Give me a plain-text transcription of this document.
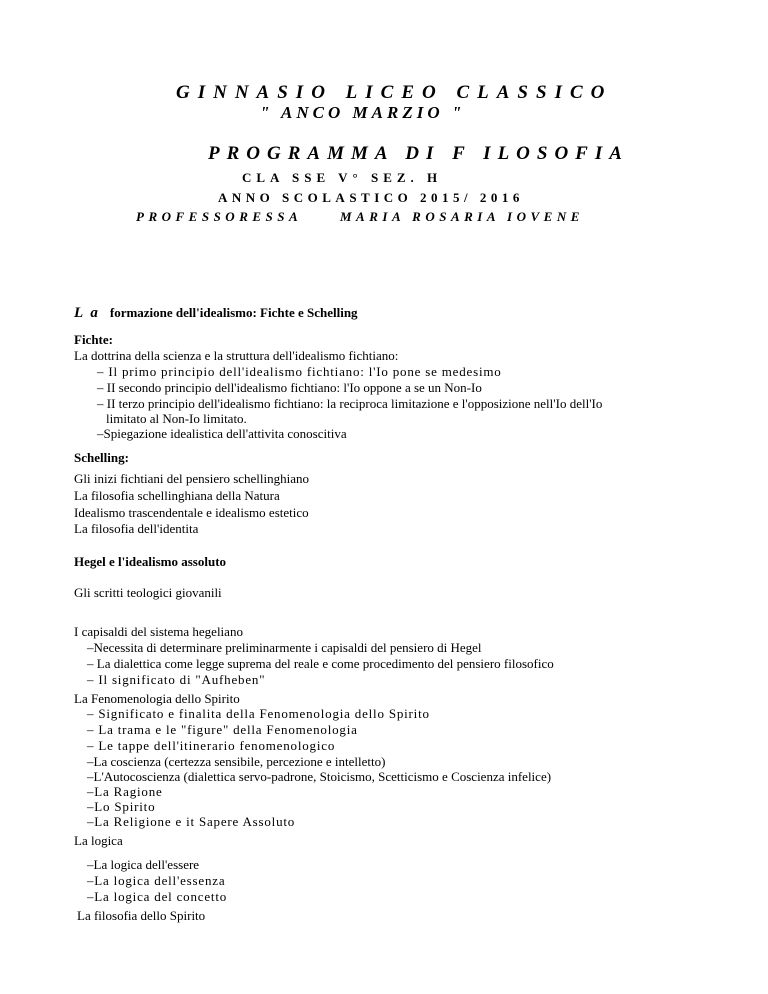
GINNASIO LICEO CLASSICO
" ANCO MARZIO "
PROGRAMMA DI F ILOSOFIA
CLA SSE V° SEZ. H
ANNO SCOLASTICO 2015/ 2016
PROFESSORESSA	MARIA ROSARIA IOVENE
L a formazione dell'idealismo: Fichte e Schelling
Fichte:
La dottrina della scienza e la struttura dell'idealismo fichtiano:
– Il primo principio dell'idealismo fichtiano: l'Io pone se medesimo
– II secondo principio dell'idealismo fichtiano: l'Io oppone a se un Non-Io
– II terzo principio dell'idealismo fichtiano: la reciproca limitazione e l'opposizione nell'Io dell'Io
limitato al Non-Io limitato.
–Spiegazione idealistica dell'attivita conoscitiva
Schelling:
Gli inizi fichtiani del pensiero schellinghiano
La filosofia schellinghiana della Natura
Idealismo trascendentale e idealismo estetico
La filosofia dell'identita
Hegel e l'idealismo assoluto
Gli scritti teologici giovanili
I capisaldi del sistema hegeliano
–Necessita di determinare preliminarmente i capisaldi del pensiero di Hegel
– La dialettica come legge suprema del reale e come procedimento del pensiero filosofico
– Il significato di "Aufheben"
La Fenomenologia dello Spirito
– Significato e finalita della Fenomenologia dello Spirito
– La trama e le "figure" della Fenomenologia
– Le tappe dell'itinerario fenomenologico
–La coscienza (certezza sensibile, percezione e intelletto)
–L'Autocoscienza (dialettica servo-padrone, Stoicismo, Scetticismo e Coscienza infelice)
–La Ragione
–Lo Spirito
–La Religione e it Sapere Assoluto
La logica
–La logica dell'essere
–La logica dell'essenza
–La logica del concetto
La filosofia dello Spirito
